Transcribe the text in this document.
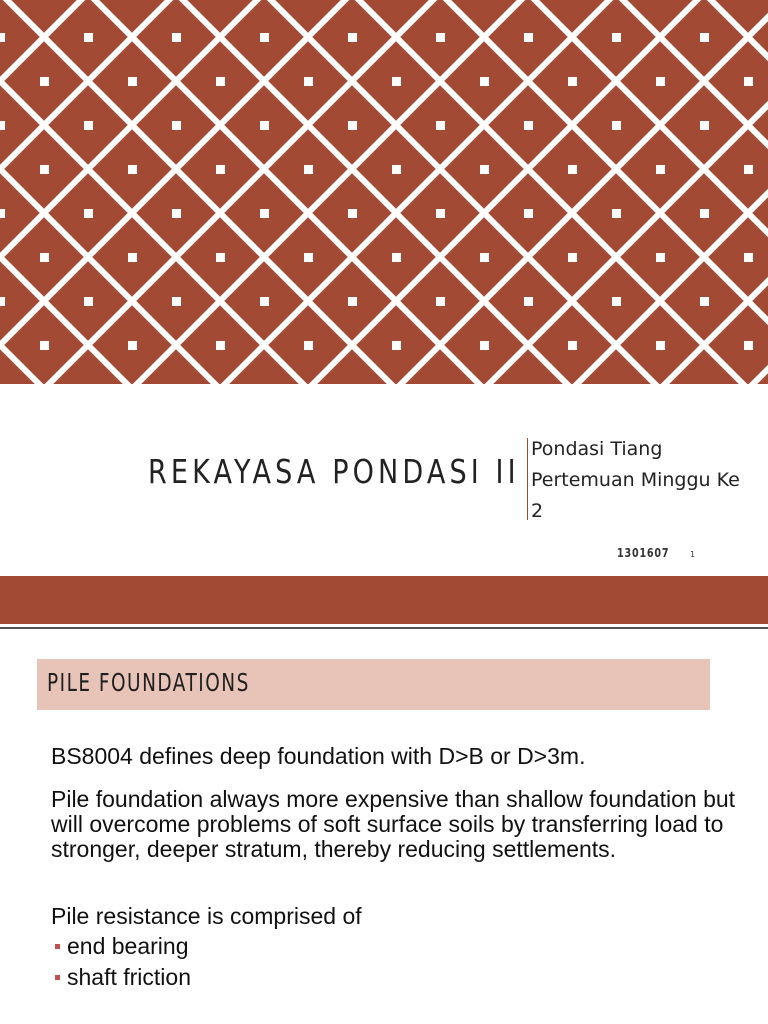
REKAYASA PONDASI II
Pondasi Tiang
Pertemuan Minggu Ke
2
1301607	1
PILE FOUNDATIONS
BS8004 defines deep foundation with D>B or D>3m.
Pile foundation always more expensive than shallow foundation but will overcome problems of soft surface soils by transferring load to stronger, deeper stratum, thereby reducing settlements.
Pile resistance is comprised of
end bearing
shaft friction
